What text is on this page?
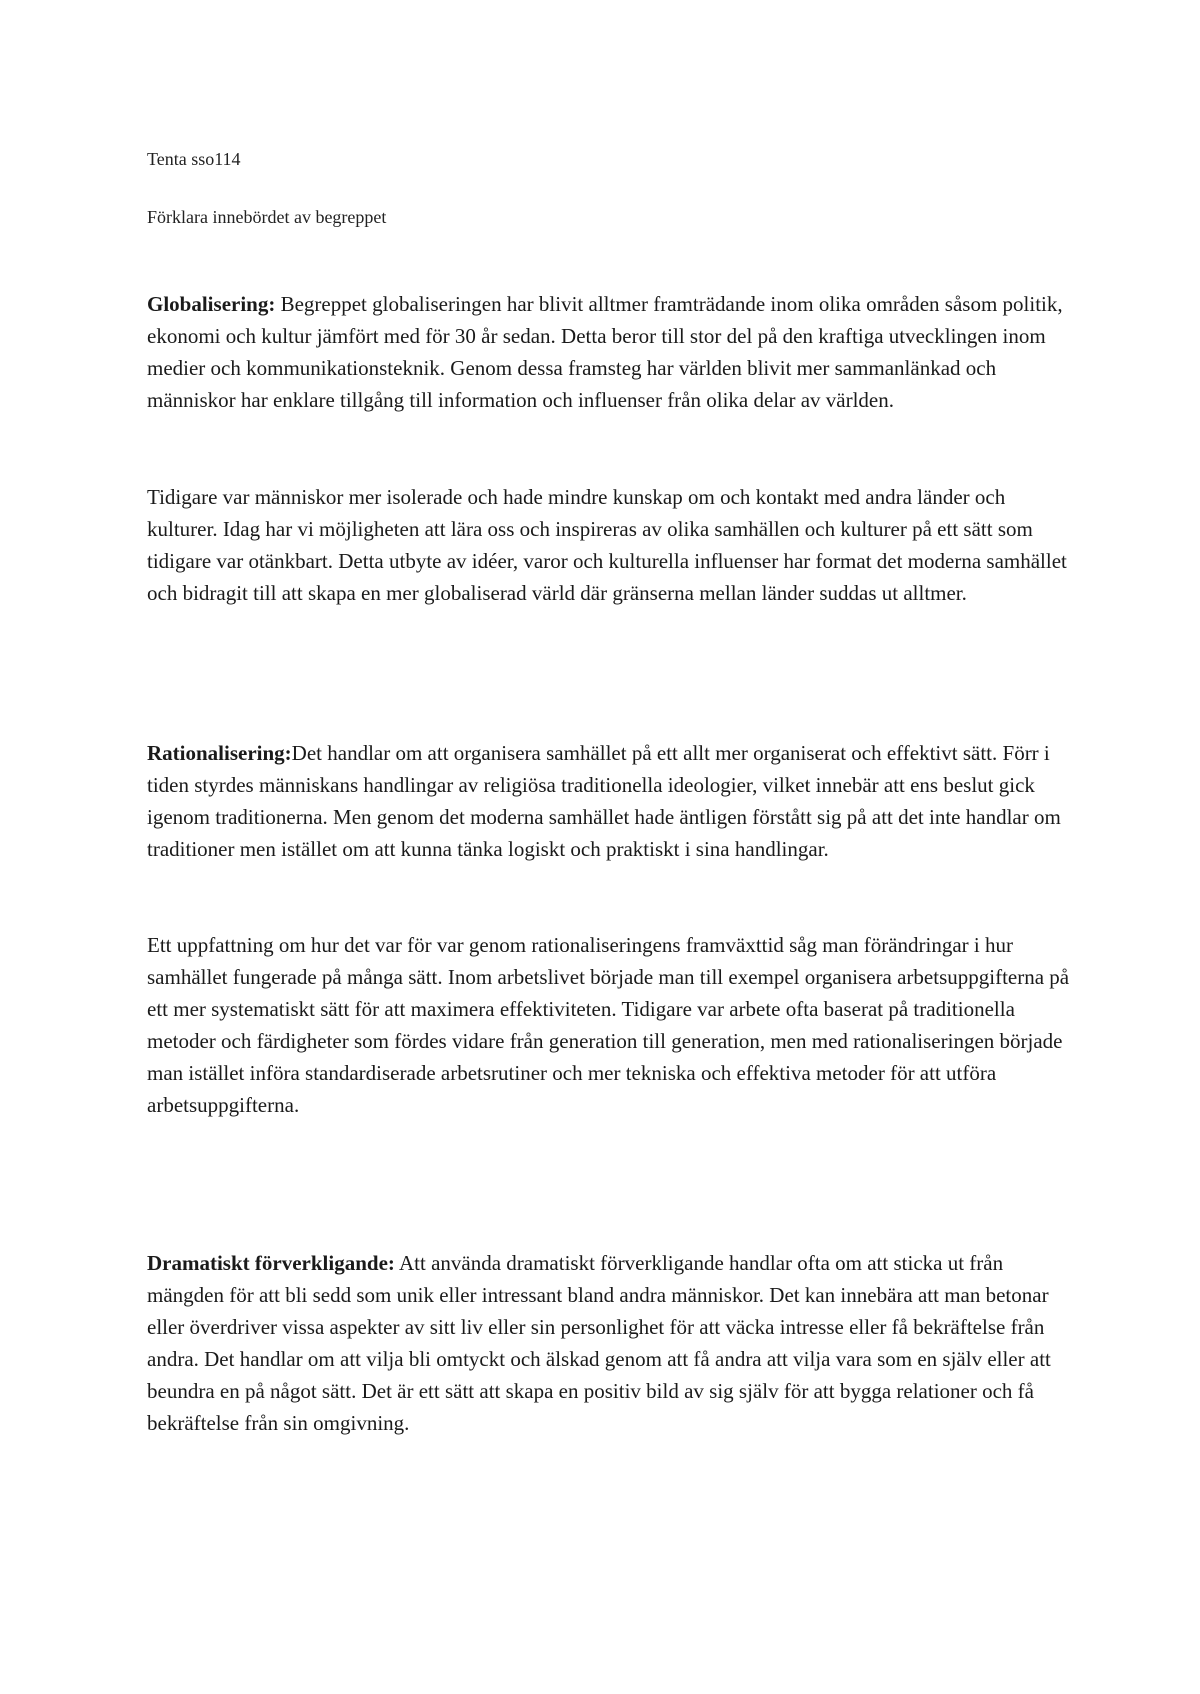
Tenta sso114
Förklara innebördet av begreppet
Globalisering: Begreppet globaliseringen har blivit alltmer framträdande inom olika områden såsom politik, ekonomi och kultur jämfört med för 30 år sedan. Detta beror till stor del på den kraftiga utvecklingen inom medier och kommunikationsteknik. Genom dessa framsteg har världen blivit mer sammanlänkad och människor har enklare tillgång till information och influenser från olika delar av världen.
Tidigare var människor mer isolerade och hade mindre kunskap om och kontakt med andra länder och kulturer. Idag har vi möjligheten att lära oss och inspireras av olika samhällen och kulturer på ett sätt som tidigare var otänkbart. Detta utbyte av idéer, varor och kulturella influenser har format det moderna samhället och bidragit till att skapa en mer globaliserad värld där gränserna mellan länder suddas ut alltmer.
Rationalisering:Det handlar om att organisera samhället på ett allt mer organiserat och effektivt sätt. Förr i tiden styrdes människans handlingar av religiösa traditionella ideologier, vilket innebär att ens beslut gick igenom traditionerna. Men genom det moderna samhället hade äntligen förstått sig på att det inte handlar om traditioner men istället om att kunna tänka logiskt och praktiskt i sina handlingar.
Ett uppfattning om hur det var för var genom rationaliseringens framväxttid såg man förändringar i hur samhället fungerade på många sätt. Inom arbetslivet började man till exempel organisera arbetsuppgifterna på ett mer systematiskt sätt för att maximera effektiviteten. Tidigare var arbete ofta baserat på traditionella metoder och färdigheter som fördes vidare från generation till generation, men med rationaliseringen började man istället införa standardiserade arbetsrutiner och mer tekniska och effektiva metoder för att utföra arbetsuppgifterna.
Dramatiskt förverkligande: Att använda dramatiskt förverkligande handlar ofta om att sticka ut från mängden för att bli sedd som unik eller intressant bland andra människor. Det kan innebära att man betonar eller överdriver vissa aspekter av sitt liv eller sin personlighet för att väcka intresse eller få bekräftelse från andra. Det handlar om att vilja bli omtyckt och älskad genom att få andra att vilja vara som en själv eller att beundra en på något sätt. Det är ett sätt att skapa en positiv bild av sig själv för att bygga relationer och få bekräftelse från sin omgivning.
